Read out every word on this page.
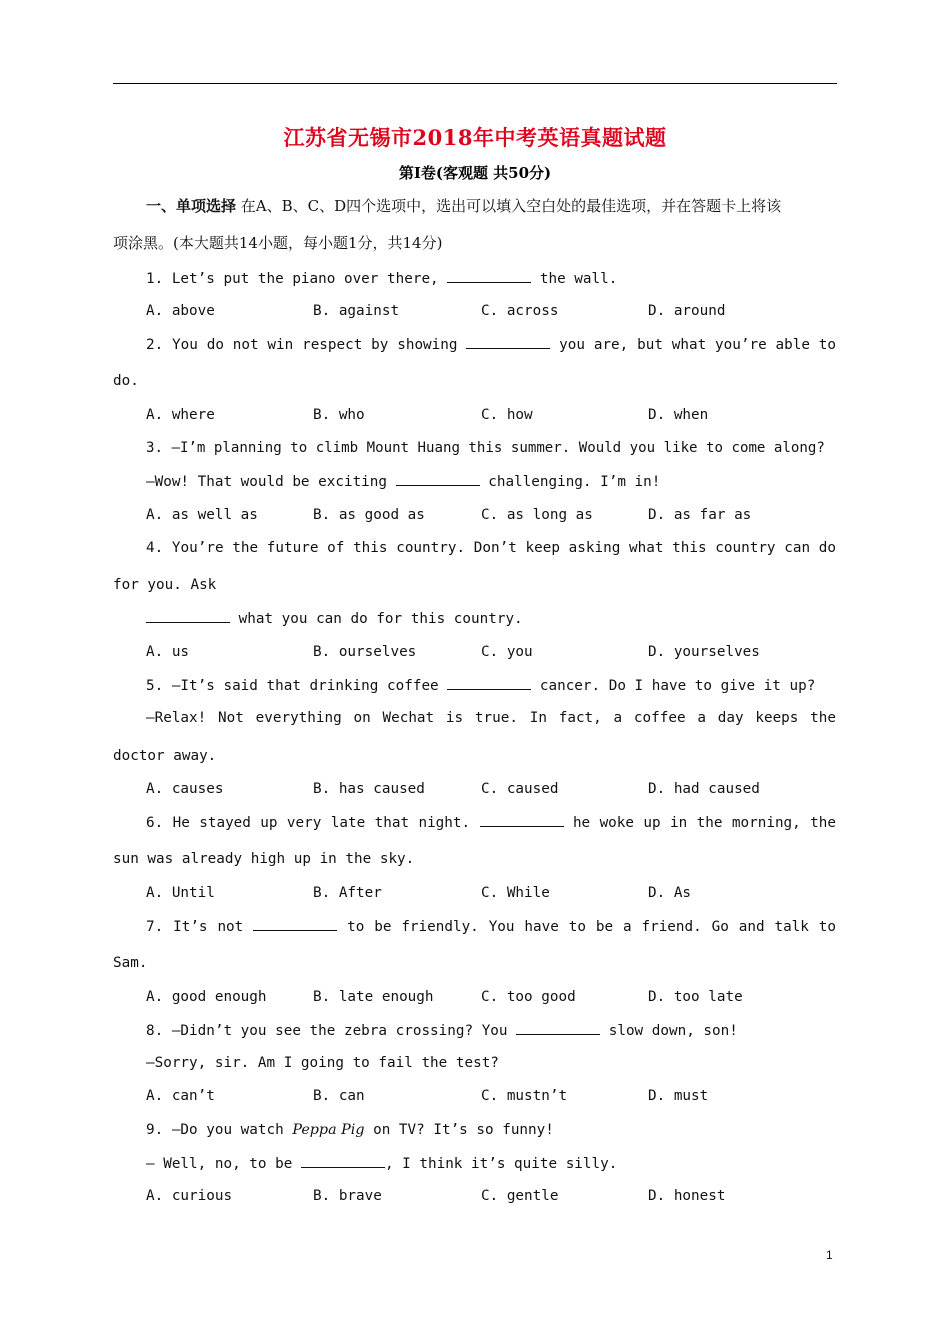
江苏省无锡市2018年中考英语真题试题
第Ⅰ卷(客观题 共50分)
一、单项选择 在A、B、C、D四个选项中，选出可以填入空白处的最佳选项，并在答题卡上将该
项涂黑。(本大题共14小题，每小题1分，共14分)
1. Let’s put the piano over there,	the wall.
A. above	B. against	C. across	D. around
2. You do not win respect by showing	you are, but what you’re able to
do.
A. where	B. who	C. how	D. when
3. —I’m planning to climb Mount Huang this summer. Would you like to come along?
—Wow! That would be exciting	challenging. I’m in!
A. as well as	B. as good as	C. as long as	D. as far as
4. You’re the future of this country. Don’t keep asking what this country can do
for you. Ask
what you can do for this country.
A. us	B. ourselves	C. you	D. yourselves
5. —It’s said that drinking coffee	cancer. Do I have to give it up?
—Relax! Not everything on Wechat is true. In fact, a coffee a day keeps the
doctor away.
A. causes	B. has caused	C. caused	D. had caused
6. He stayed up very late that night.	he woke up in the morning, the
sun was already high up in the sky.
A. Until	B. After	C. While	D. As
7. It’s not	to be friendly. You have to be a friend. Go and talk to
Sam.
A. good enough	B. late enough	C. too good	D. too late
8. —Didn’t you see the zebra crossing? You	slow down, son!
—Sorry, sir. Am I going to fail the test?
A. can’t	B. can	C. mustn’t	D. must
9. —Do you watch Peppa Pig on TV? It’s so funny!
— Well, no, to be	, I think it’s quite silly.
A. curious	B. brave	C. gentle	D. honest
1
